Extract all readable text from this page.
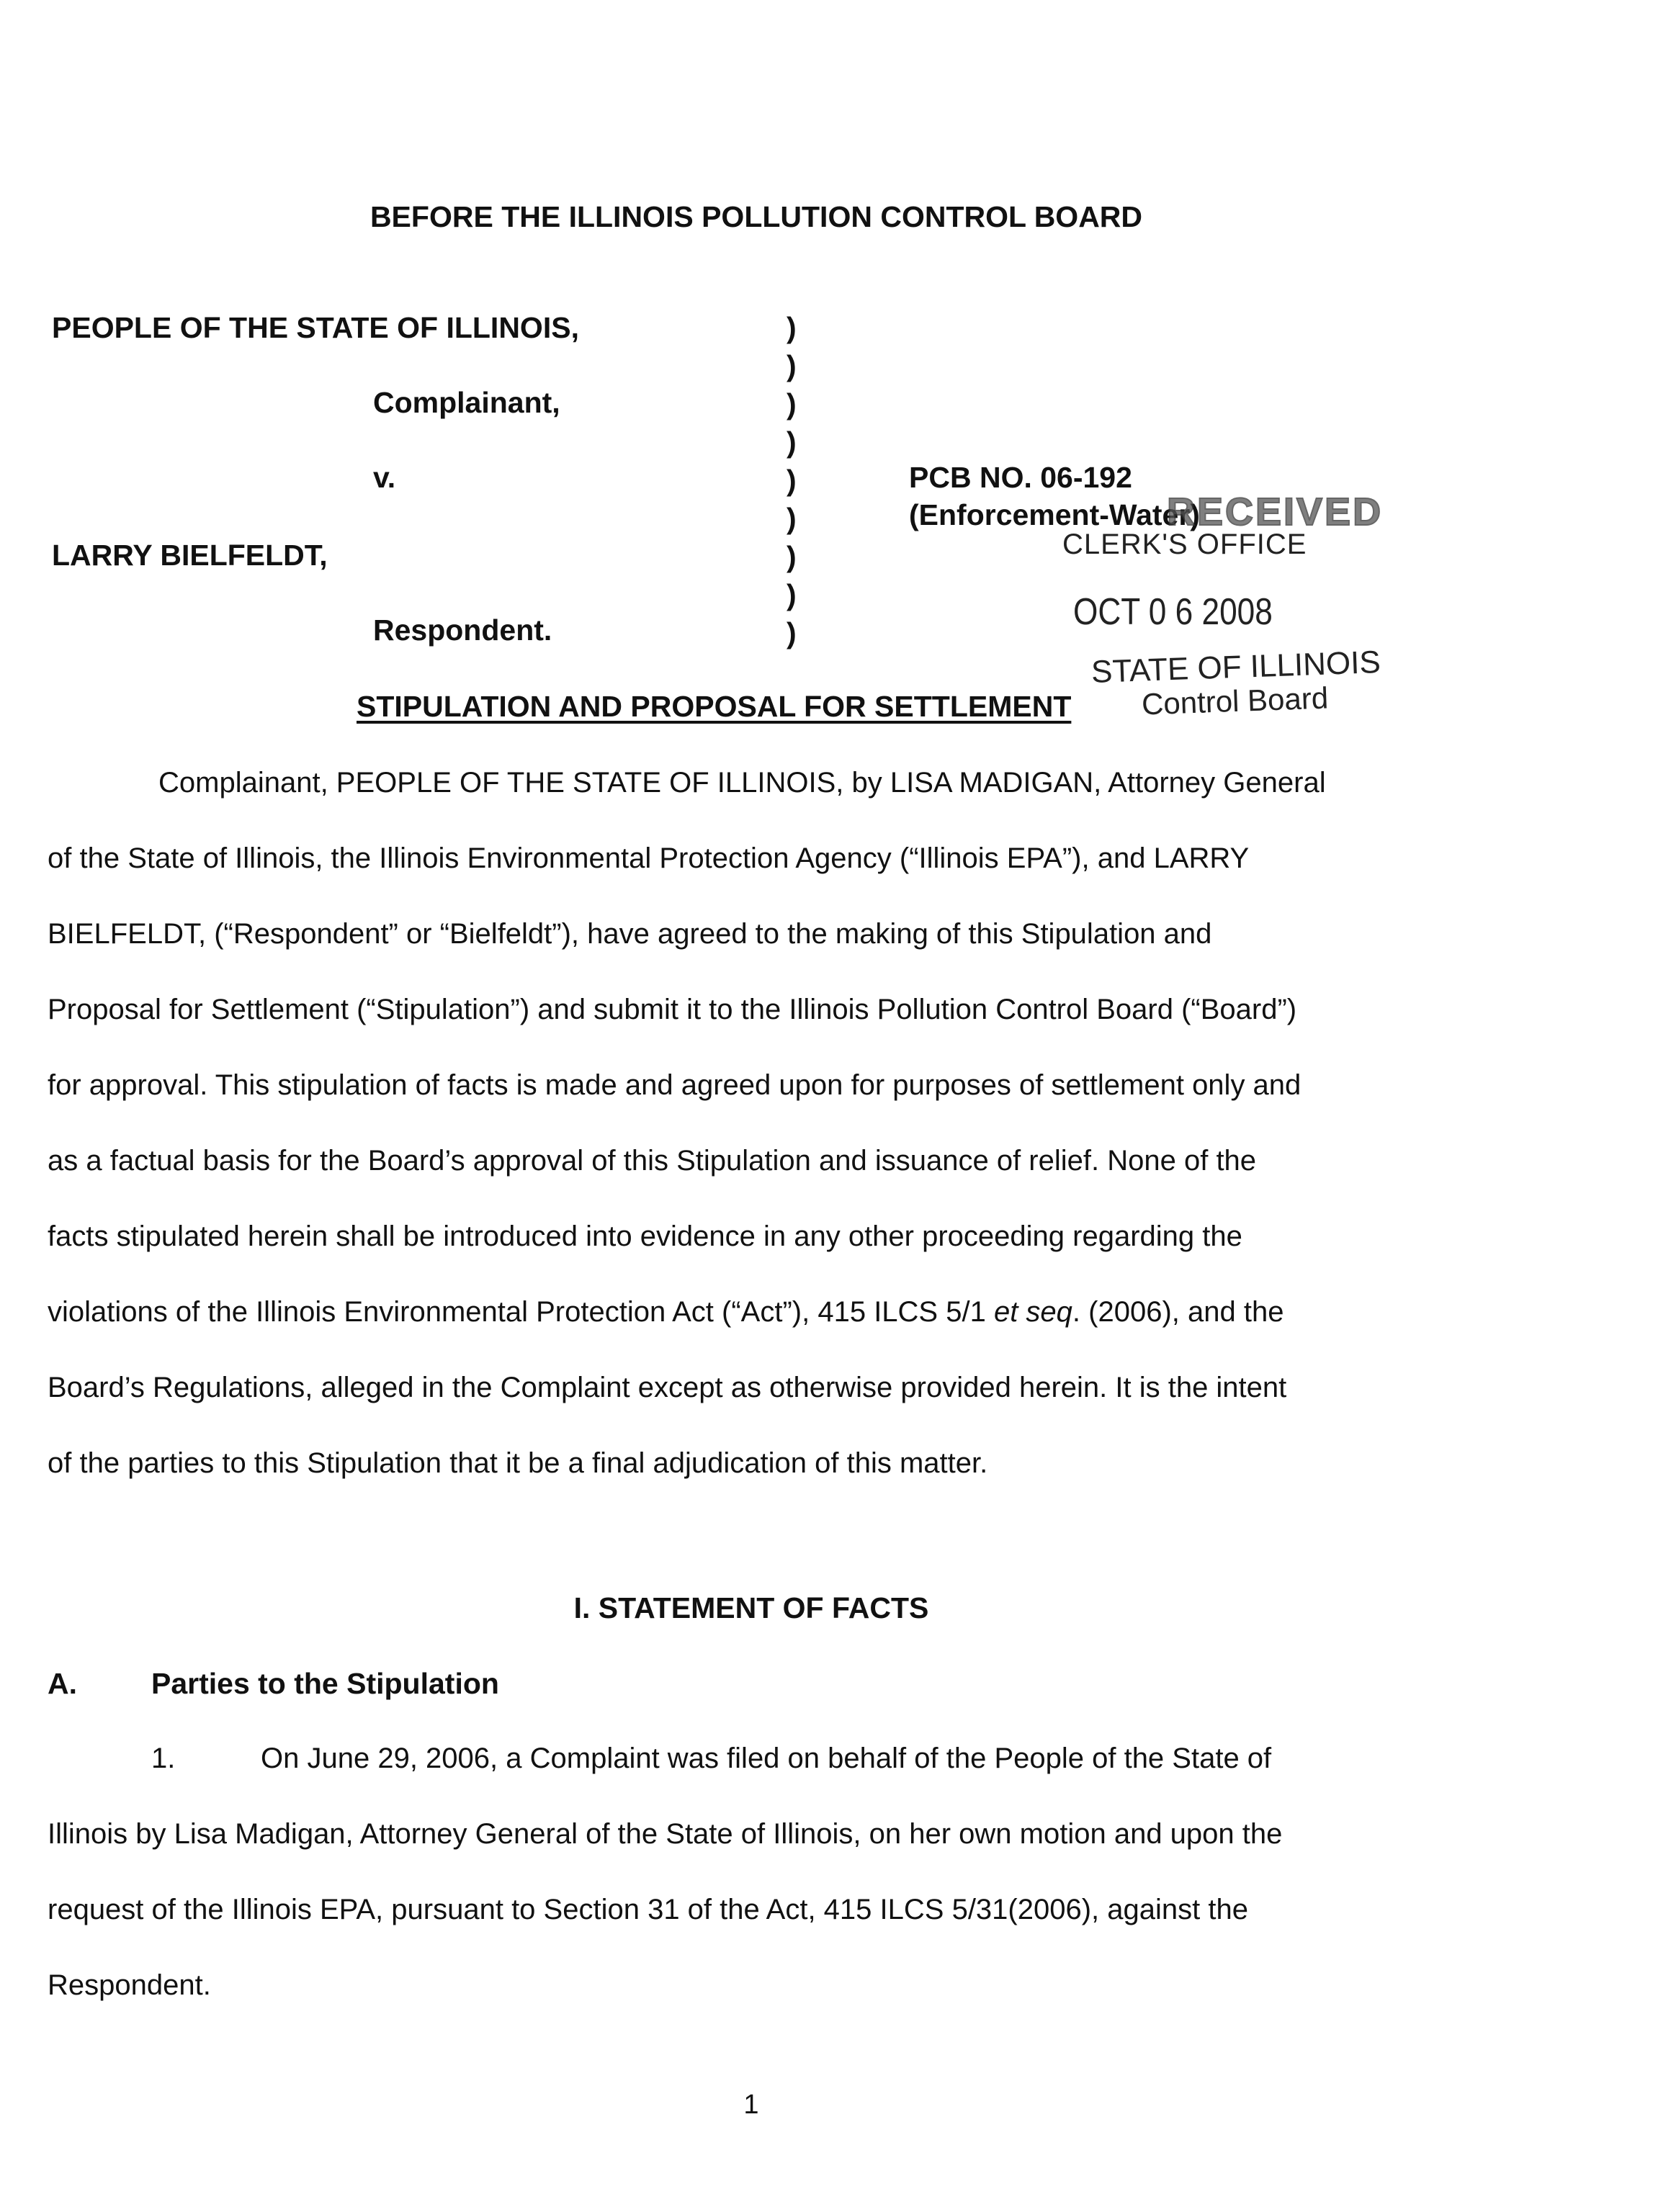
BEFORE THE ILLINOIS POLLUTION CONTROL BOARD
PEOPLE OF THE STATE OF ILLINOIS,
Complainant,
v.
LARRY BIELFELDT,
Respondent.
)
)
)
)
)
)
)
)
)
PCB NO. 06-192
(Enforcement-Water)
RECEIVED
CLERK'S OFFICE
OCT 0 6 2008
STATE OF ILLINOIS
Control Board
STIPULATION AND PROPOSAL FOR SETTLEMENT
Complainant, PEOPLE OF THE STATE OF ILLINOIS, by LISA MADIGAN, Attorney General
of the State of Illinois, the Illinois Environmental Protection Agency (“Illinois EPA”), and LARRY
BIELFELDT, (“Respondent” or “Bielfeldt”), have agreed to the making of this Stipulation and
Proposal for Settlement (“Stipulation”) and submit it to the Illinois Pollution Control Board (“Board”)
for approval. This stipulation of facts is made and agreed upon for purposes of settlement only and
as a factual basis for the Board’s approval of this Stipulation and issuance of relief. None of the
facts stipulated herein shall be introduced into evidence in any other proceeding regarding the
violations of the Illinois Environmental Protection Act (“Act”), 415 ILCS 5/1 et seq. (2006), and the
Board’s Regulations, alleged in the Complaint except as otherwise provided herein. It is the intent
of the parties to this Stipulation that it be a final adjudication of this matter.
I. STATEMENT OF FACTS
A.	Parties to the Stipulation
1.	On June 29, 2006, a Complaint was filed on behalf of the People of the State of
Illinois by Lisa Madigan, Attorney General of the State of Illinois, on her own motion and upon the
request of the Illinois EPA, pursuant to Section 31 of the Act, 415 ILCS 5/31(2006), against the
Respondent.
1
